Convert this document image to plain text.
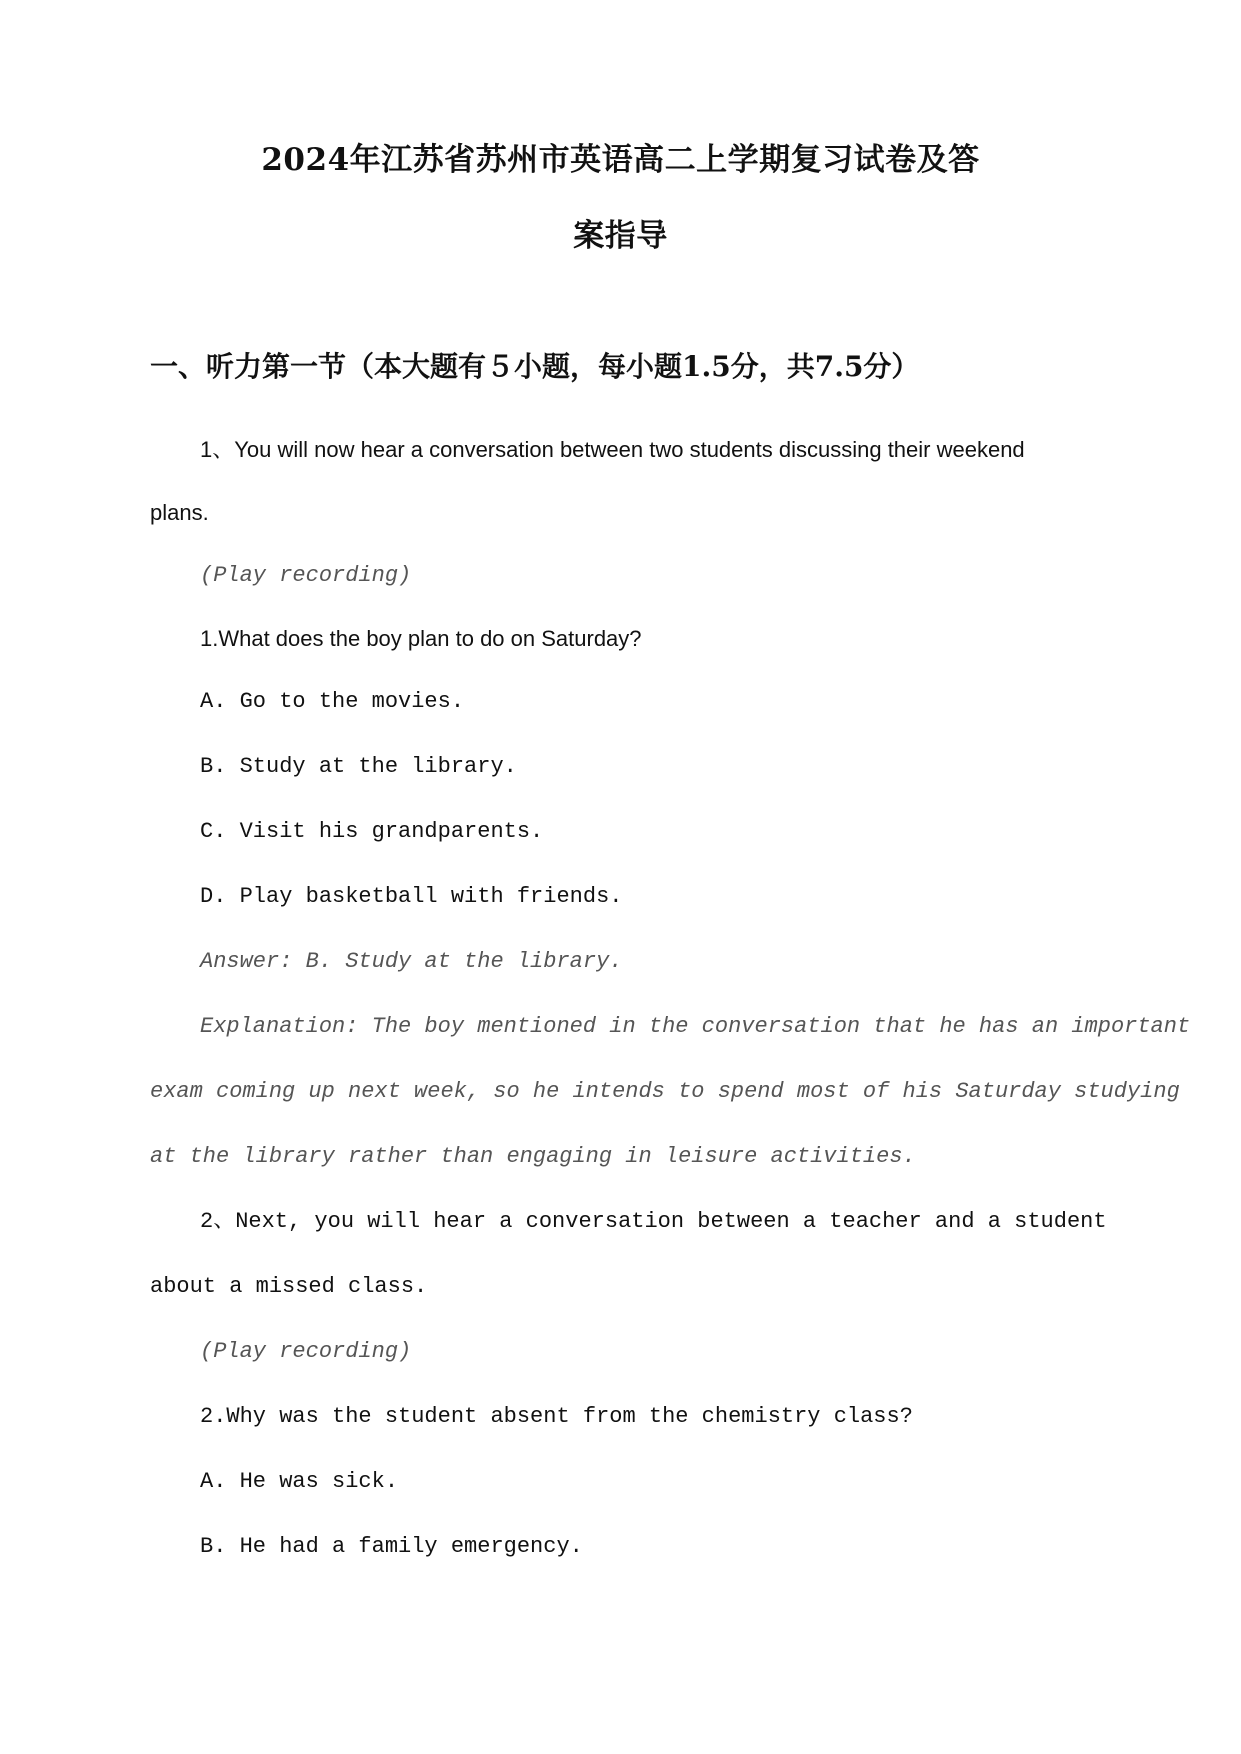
2024年江苏省苏州市英语高二上学期复习试卷及答
案指导
一、听力第一节（本大题有５小题，每小题1.5分，共7.5分）
1、You will now hear a conversation between two students discussing their weekend
plans.
(Play recording)
1.What does the boy plan to do on Saturday?
A. Go to the movies.
B. Study at the library.
C. Visit his grandparents.
D. Play basketball with friends.
Answer: B. Study at the library.
Explanation: The boy mentioned in the conversation that he has an important
exam coming up next week, so he intends to spend most of his Saturday studying
at the library rather than engaging in leisure activities.
2、Next, you will hear a conversation between a teacher and a student
about a missed class.
(Play recording)
2.Why was the student absent from the chemistry class?
A. He was sick.
B. He had a family emergency.
